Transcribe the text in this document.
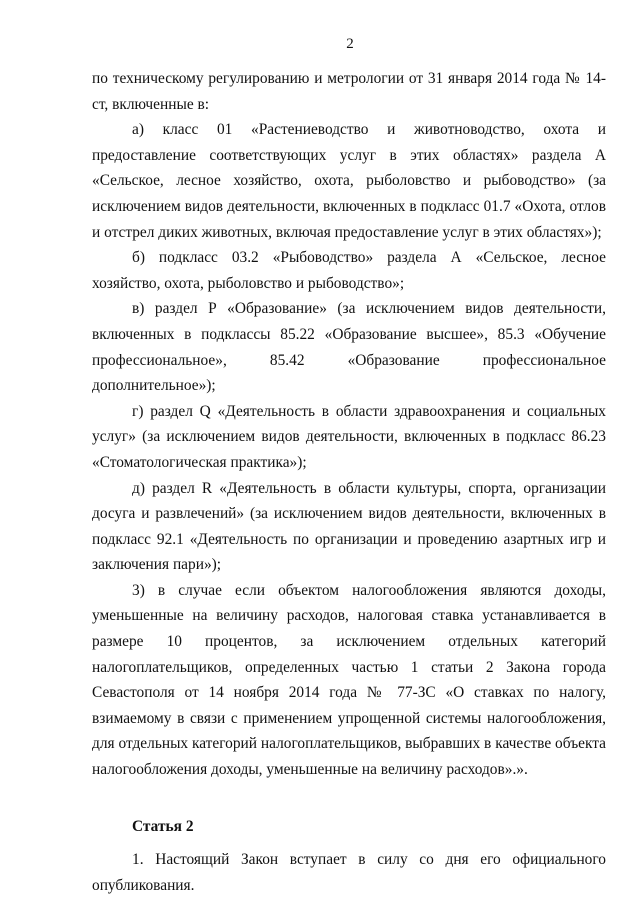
2

по техническому регулированию и метрологии от 31 января 2014 года № 14-ст, включенные в:

а) класс 01 «Растениеводство и животноводство, охота и предоставление соответствующих услуг в этих областях» раздела А «Сельское, лесное хозяйство, охота, рыболовство и рыбоводство» (за исключением видов деятельности, включенных в подкласс 01.7 «Охота, отлов и отстрел диких животных, включая предоставление услуг в этих областях»);

б) подкласс 03.2 «Рыбоводство» раздела А «Сельское, лесное хозяйство, охота, рыболовство и рыбоводство»;

в) раздел Р «Образование» (за исключением видов деятельности, включенных в подклассы 85.22 «Образование высшее», 85.3 «Обучение профессиональное», 85.42 «Образование профессиональное дополнительное»);

г) раздел Q «Деятельность в области здравоохранения и социальных услуг» (за исключением видов деятельности, включенных в подкласс 86.23 «Стоматологическая практика»);

д) раздел R «Деятельность в области культуры, спорта, организации досуга и развлечений» (за исключением видов деятельности, включенных в подкласс 92.1 «Деятельность по организации и проведению азартных игр и заключения пари»);

3) в случае если объектом налогообложения являются доходы, уменьшенные на величину расходов, налоговая ставка устанавливается в размере 10 процентов, за исключением отдельных категорий налогоплательщиков, определенных частью 1 статьи 2 Закона города Севастополя от 14 ноября 2014 года № 77-ЗС «О ставках по налогу, взимаемому в связи с применением упрощенной системы налогообложения, для отдельных категорий налогоплательщиков, выбравших в качестве объекта налогообложения доходы, уменьшенные на величину расходов».».

Статья 2

1. Настоящий Закон вступает в силу со дня его официального опубликования.
